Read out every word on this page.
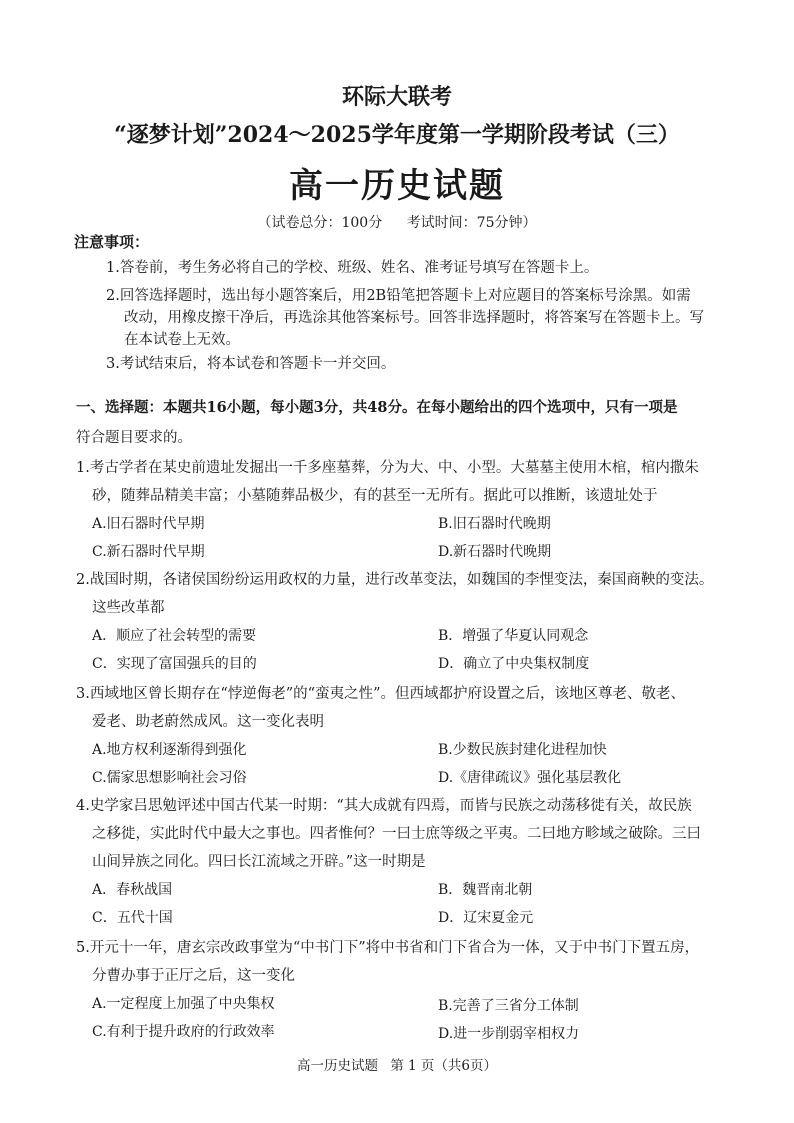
环际大联考
“逐梦计划”2024～2025学年度第一学期阶段考试（三）
高一历史试题
（试卷总分：100分 考试时间：75分钟）
注意事项：
1.答卷前，考生务必将自己的学校、班级、姓名、准考证号填写在答题卡上。
2.回答选择题时，选出每小题答案后，用2B铅笔把答题卡上对应题目的答案标号涂黑。如需
改动，用橡皮擦干净后，再选涂其他答案标号。回答非选择题时，将答案写在答题卡上。写
在本试卷上无效。
3.考试结束后，将本试卷和答题卡一并交回。
一、选择题：本题共16小题，每小题3分，共48分。在每小题给出的四个选项中，只有一项是
符合题目要求的。
1.考古学者在某史前遗址发掘出一千多座墓葬，分为大、中、小型。大墓墓主使用木棺，棺内撒朱
砂，随葬品精美丰富；小墓随葬品极少，有的甚至一无所有。据此可以推断，该遗址处于
A.旧石器时代早期	B.旧石器时代晚期
C.新石器时代早期	D.新石器时代晚期
2.战国时期，各诸侯国纷纷运用政权的力量，进行改革变法，如魏国的李悝变法，秦国商鞅的变法。
这些改革都
A．顺应了社会转型的需要	B．增强了华夏认同观念
C．实现了富国强兵的目的	D．确立了中央集权制度
3.西域地区曾长期存在“悖逆侮老”的“蛮夷之性”。但西域都护府设置之后，该地区尊老、敬老、
爱老、助老蔚然成风。这一变化表明
A.地方权利逐渐得到强化	B.少数民族封建化进程加快
C.儒家思想影响社会习俗	D.《唐律疏议》强化基层教化
4.史学家吕思勉评述中国古代某一时期：“其大成就有四焉，而皆与民族之动荡移徙有关，故民族
之移徙，实此时代中最大之事也。四者惟何？一曰士庶等级之平夷。二曰地方畛域之破除。三曰
山间异族之同化。四曰长江流域之开辟。”这一时期是
A．春秋战国	B．魏晋南北朝
C．五代十国	D．辽宋夏金元
5.开元十一年，唐玄宗改政事堂为“中书门下”将中书省和门下省合为一体，又于中书门下置五房，
分曹办事于正厅之后，这一变化
A.一定程度上加强了中央集权	B.完善了三省分工体制
C.有利于提升政府的行政效率	D.进一步削弱宰相权力
高一历史试题 第 1 页（共6页）
